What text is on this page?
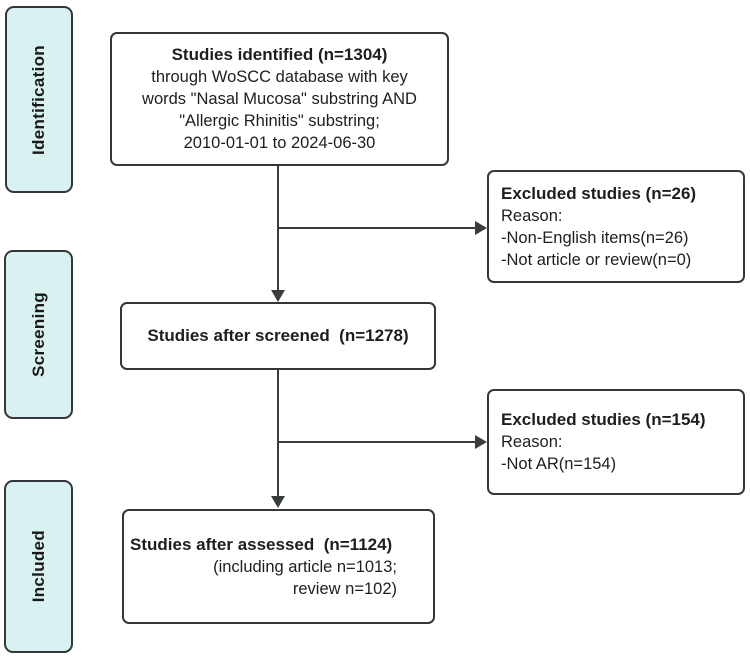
Identification
Screening
Included
Studies identified (n=1304)
through WoSCC database with key
words "Nasal Mucosa" substring AND
"Allergic Rhinitis" substring;
2010-01-01 to 2024-06-30
Excluded studies (n=26)
Reason:
-Non-English items(n=26)
-Not article or review(n=0)
Studies after screened  (n=1278)
Excluded studies (n=154)
Reason:
-Not AR(n=154)
Studies after assessed  (n=1124)
(including article n=1013;
review n=102)
